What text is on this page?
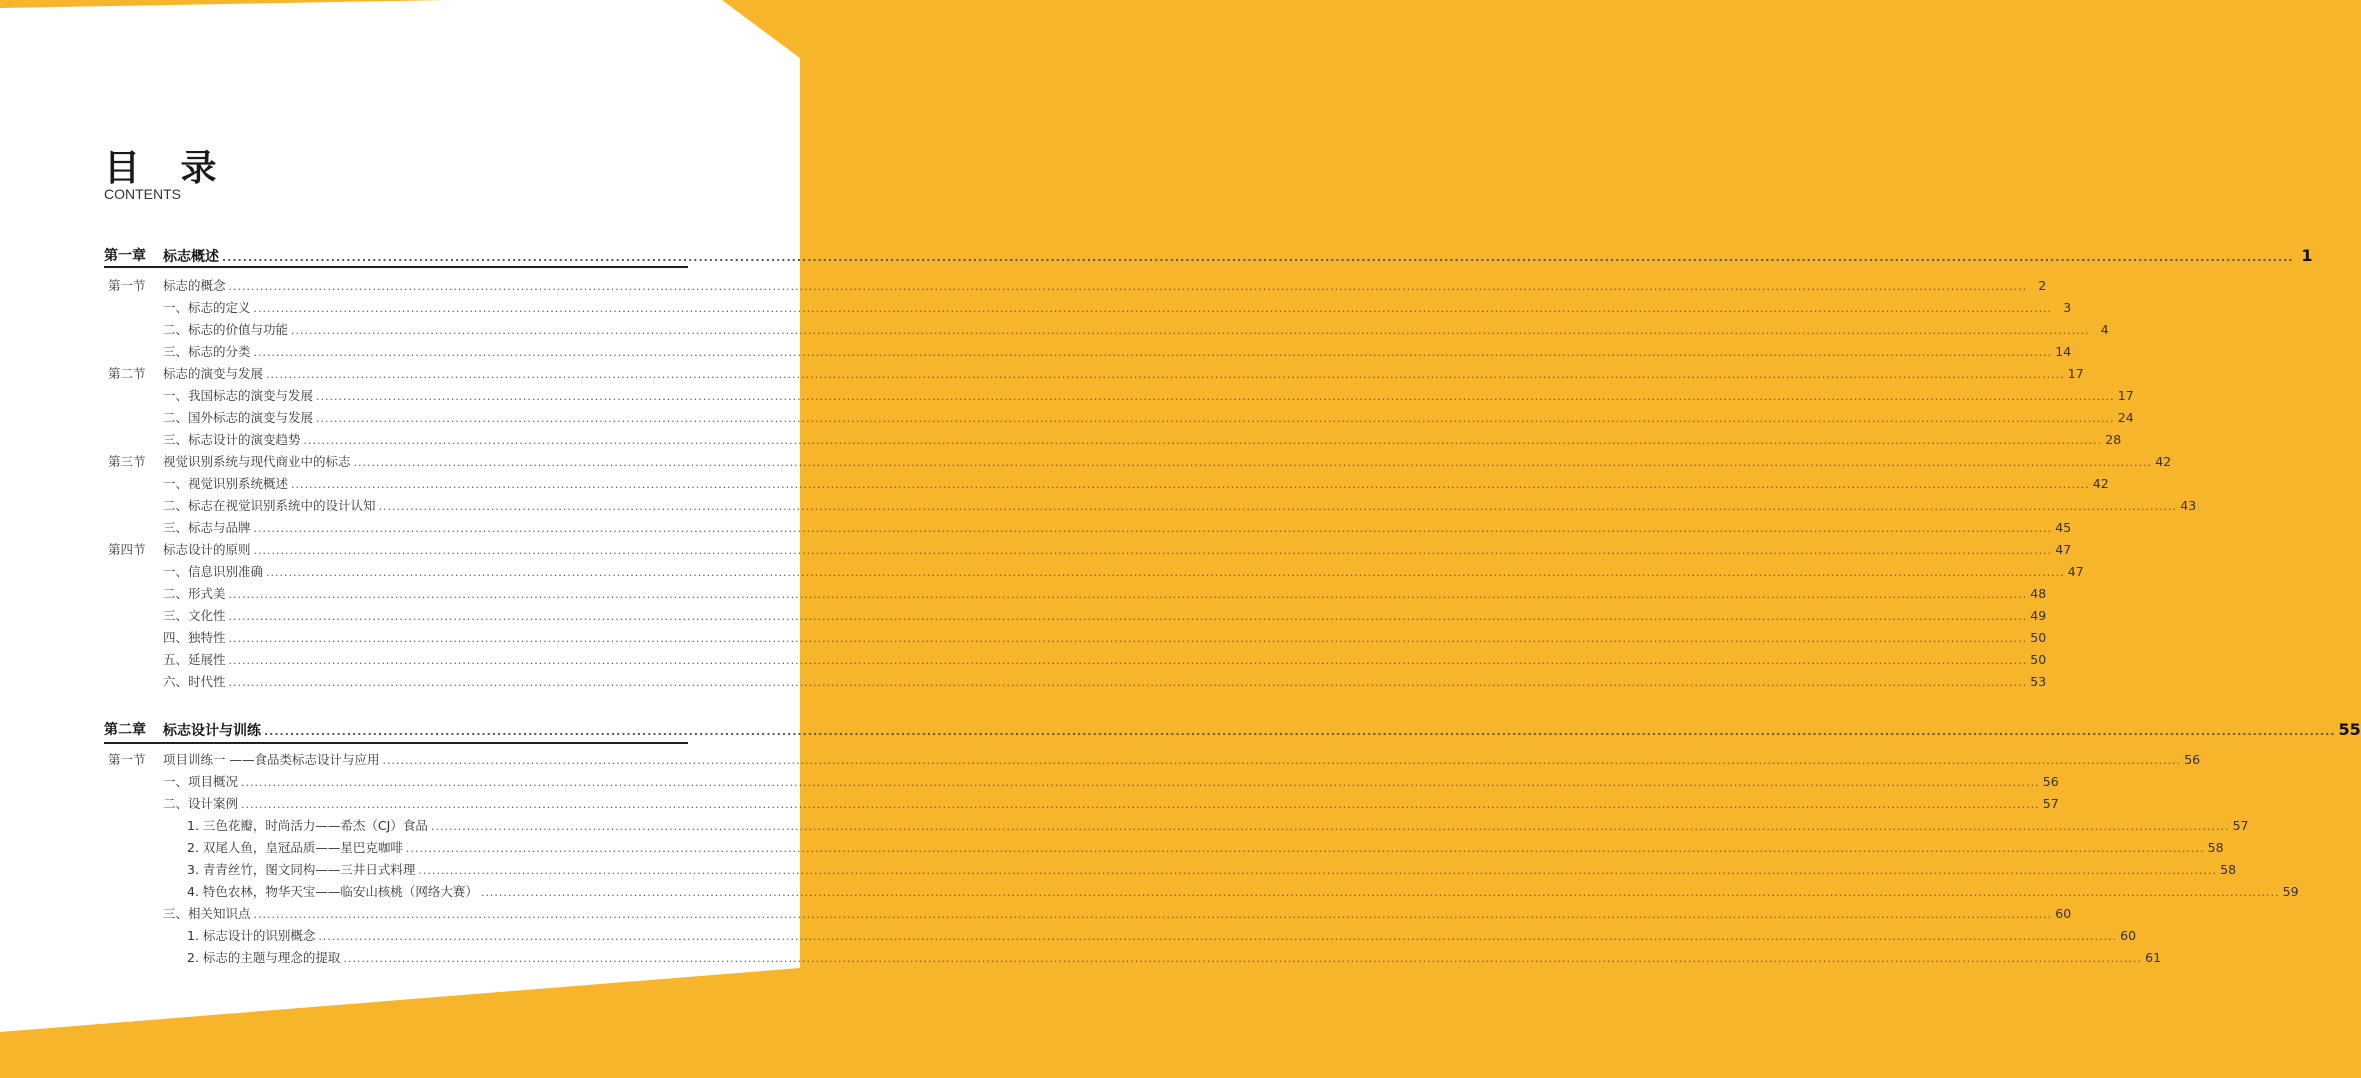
目 录
CONTENTS
第一章	标志概述 ................................................................................................................................................................................................................................................................................................................................................................................................................ 1
第一节	标志的概念 ................................................................................................................................................................................................................................................................................................................................................................................................................ 2
一、标志的定义 ................................................................................................................................................................................................................................................................................................................................................................................................................ 3
二、标志的价值与功能 ................................................................................................................................................................................................................................................................................................................................................................................................................ 4
三、标志的分类 ................................................................................................................................................................................................................................................................................................................................................................................................................ 14
第二节	标志的演变与发展 ................................................................................................................................................................................................................................................................................................................................................................................................................ 17
一、我国标志的演变与发展 ................................................................................................................................................................................................................................................................................................................................................................................................................ 17
二、国外标志的演变与发展 ................................................................................................................................................................................................................................................................................................................................................................................................................ 24
三、标志设计的演变趋势 ................................................................................................................................................................................................................................................................................................................................................................................................................ 28
第三节	视觉识别系统与现代商业中的标志 ................................................................................................................................................................................................................................................................................................................................................................................................................ 42
一、视觉识别系统概述 ................................................................................................................................................................................................................................................................................................................................................................................................................ 42
二、标志在视觉识别系统中的设计认知 ................................................................................................................................................................................................................................................................................................................................................................................................................ 43
三、标志与品牌 ................................................................................................................................................................................................................................................................................................................................................................................................................ 45
第四节	标志设计的原则 ................................................................................................................................................................................................................................................................................................................................................................................................................ 47
一、信息识别准确 ................................................................................................................................................................................................................................................................................................................................................................................................................ 47
二、形式美 ................................................................................................................................................................................................................................................................................................................................................................................................................ 48
三、文化性 ................................................................................................................................................................................................................................................................................................................................................................................................................ 49
四、独特性 ................................................................................................................................................................................................................................................................................................................................................................................................................ 50
五、延展性 ................................................................................................................................................................................................................................................................................................................................................................................................................ 50
六、时代性 ................................................................................................................................................................................................................................................................................................................................................................................................................ 53
第二章	标志设计与训练 ................................................................................................................................................................................................................................................................................................................................................................................................................ 55
第一节	项目训练一 ——食品类标志设计与应用 ................................................................................................................................................................................................................................................................................................................................................................................................................ 56
一、项目概况 ................................................................................................................................................................................................................................................................................................................................................................................................................ 56
二、设计案例 ................................................................................................................................................................................................................................................................................................................................................................................................................ 57
1. 三色花瓣，时尚活力——希杰（CJ）食品 ................................................................................................................................................................................................................................................................................................................................................................................................................ 57
2. 双尾人鱼，皇冠品质——星巴克咖啡 ................................................................................................................................................................................................................................................................................................................................................................................................................ 58
3. 青青丝竹，图文同构——三井日式料理 ................................................................................................................................................................................................................................................................................................................................................................................................................ 58
4. 特色农林，物华天宝——临安山核桃（网络大赛） ................................................................................................................................................................................................................................................................................................................................................................................................................ 59
三、相关知识点 ................................................................................................................................................................................................................................................................................................................................................................................................................ 60
1. 标志设计的识别概念 ................................................................................................................................................................................................................................................................................................................................................................................................................ 60
2. 标志的主题与理念的提取 ................................................................................................................................................................................................................................................................................................................................................................................................................ 61
